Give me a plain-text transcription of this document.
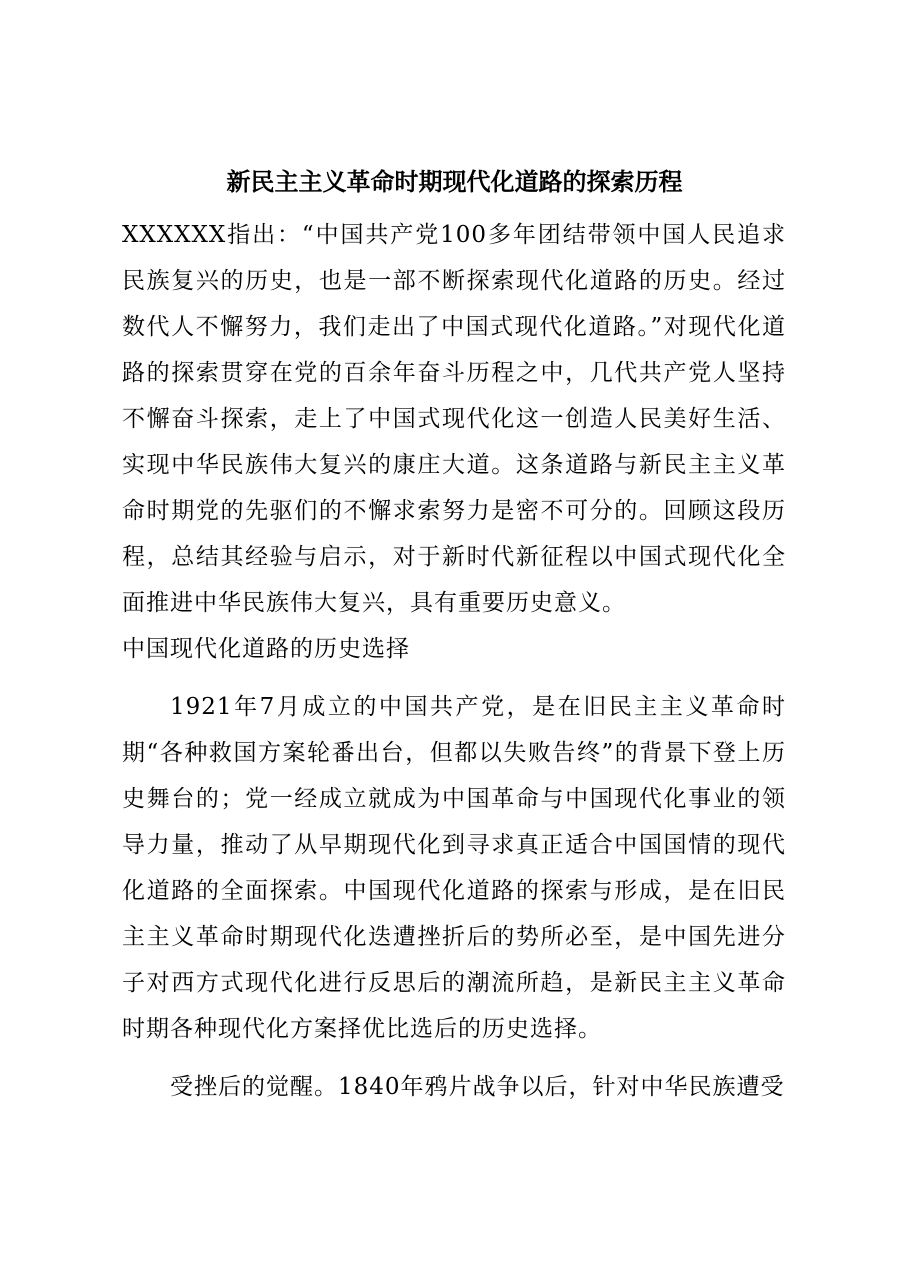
新民主主义革命时期现代化道路的探索历程

XXXXXX指出：“中国共产党100多年团结带领中国人民追求民族复兴的历史，也是一部不断探索现代化道路的历史。经过数代人不懈努力，我们走出了中国式现代化道路。”对现代化道路的探索贯穿在党的百余年奋斗历程之中，几代共产党人坚持不懈奋斗探索，走上了中国式现代化这一创造人民美好生活、实现中华民族伟大复兴的康庄大道。这条道路与新民主主义革命时期党的先驱们的不懈求索努力是密不可分的。回顾这段历程，总结其经验与启示，对于新时代新征程以中国式现代化全面推进中华民族伟大复兴，具有重要历史意义。

中国现代化道路的历史选择

1921年7月成立的中国共产党，是在旧民主主义革命时期“各种救国方案轮番出台，但都以失败告终”的背景下登上历史舞台的；党一经成立就成为中国革命与中国现代化事业的领导力量，推动了从早期现代化到寻求真正适合中国国情的现代化道路的全面探索。中国现代化道路的探索与形成，是在旧民主主义革命时期现代化迭遭挫折后的势所必至，是中国先进分子对西方式现代化进行反思后的潮流所趋，是新民主主义革命时期各种现代化方案择优比选后的历史选择。

受挫后的觉醒。1840年鸦片战争以后，针对中华民族遭受
